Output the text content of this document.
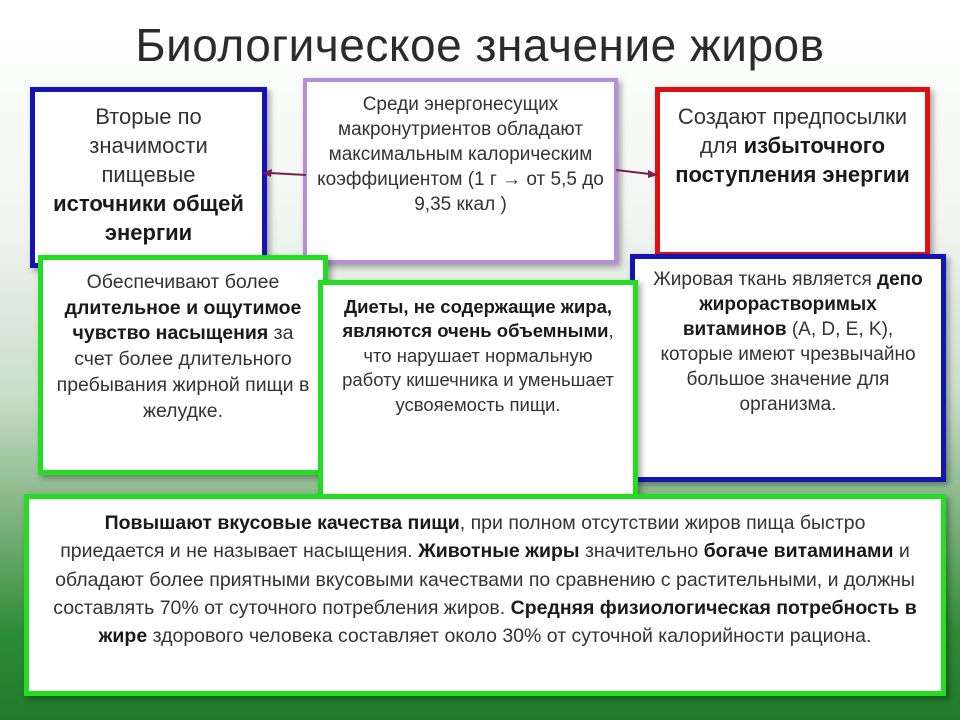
Биологическое значение жиров
Вторые по значимости пищевые источники общей энергии
Среди энергонесущих макронутриентов обладают максимальным калорическим коэффициентом (1 г → от 5,5 до 9,35 ккал )
Создают предпосылки для избыточного поступления энергии
Обеспечивают более длительное и ощутимое чувство насыщения за счет более длительного пребывания жирной пищи в желудке.
Жировая ткань является депо жирорастворимых витаминов (A, D, E, K), которые имеют чрезвычайно большое значение для организма.
Диеты, не содержащие жира, являются очень объемными, что нарушает нормальную работу кишечника и уменьшает усвояемость пищи.
Повышают вкусовые качества пищи, при полном отсутствии жиров пища быстро приедается и не называет насыщения. Животные жиры значительно богаче витаминами и обладают более приятными вкусовыми качествами по сравнению с растительными, и должны составлять 70% от суточного потребления жиров. Средняя физиологическая потребность в жире здорового человека составляет около 30% от суточной калорийности рациона.
